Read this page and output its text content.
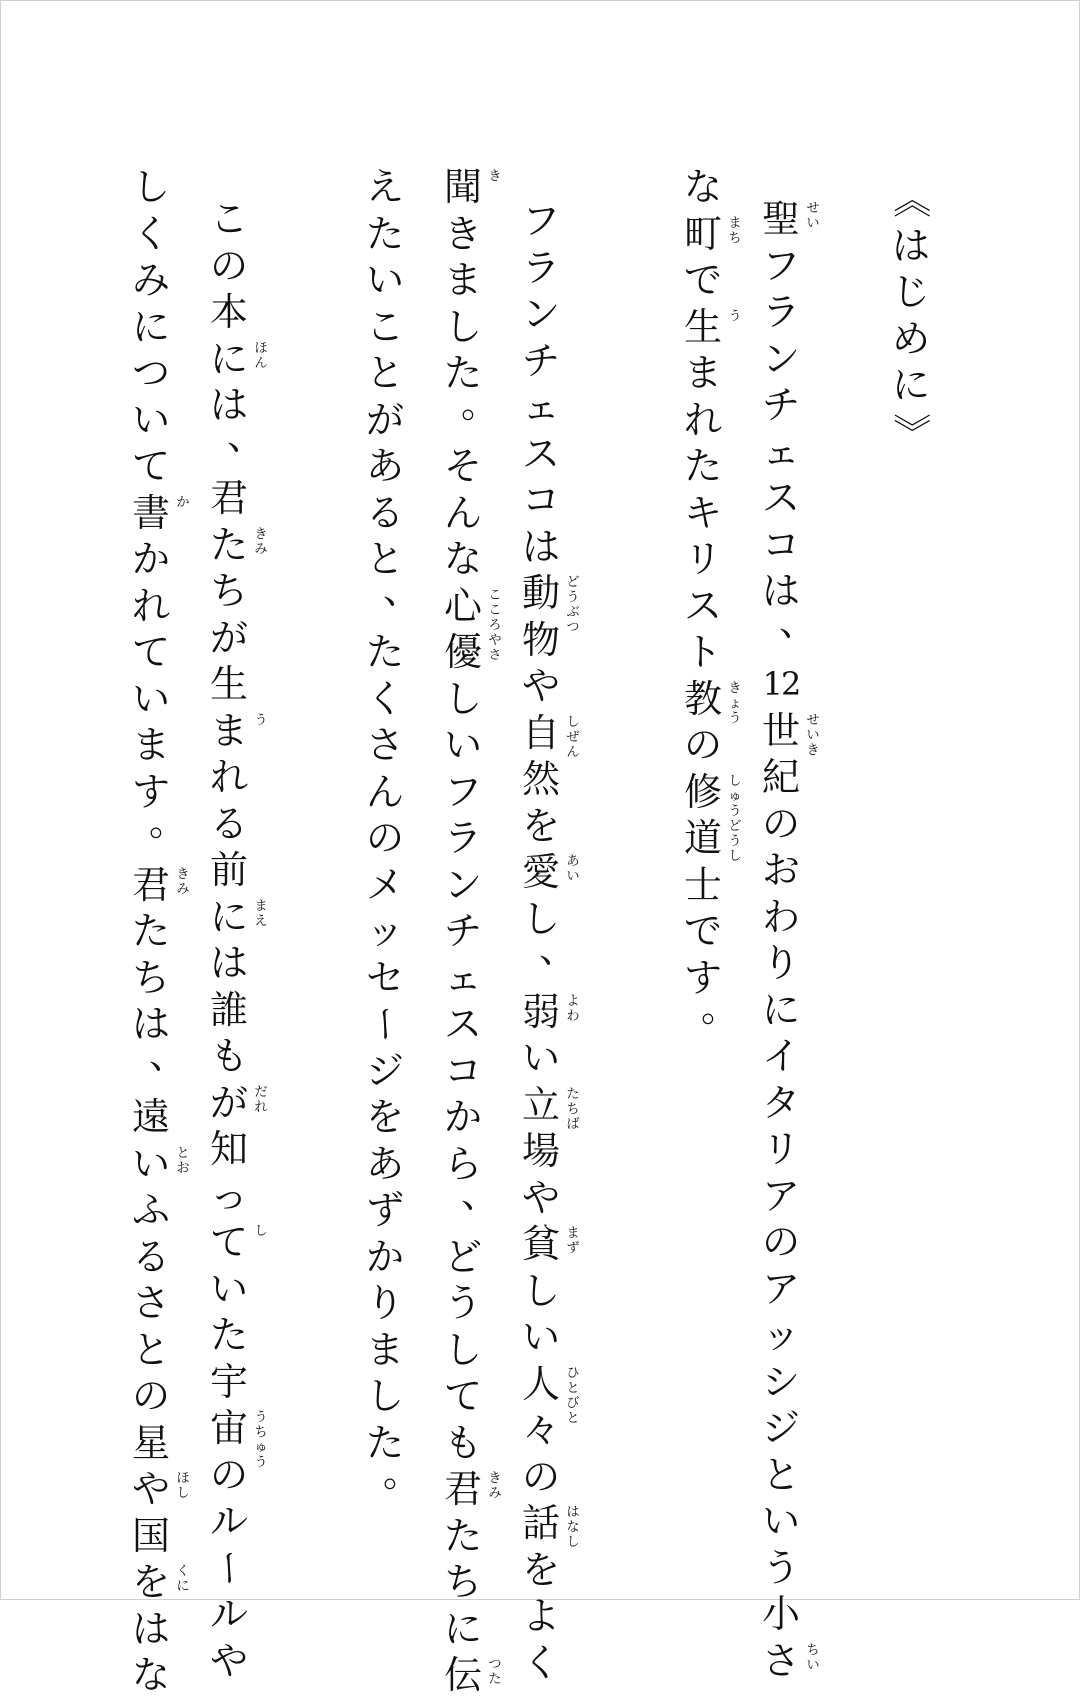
《
は
じ
め
に
》
聖
フ
ラ
ン
チ
ェ
ス
コ
は
、
12
世
紀
の
お
わ
り
に
イ
タ
リ
ア
の
ア
ッ
シ
ジ
と
い
う
小
さ
せい
せいき
ちい
な
町
で
生
ま
れ
た
キ
リ
ス
ト
教
の
修
道
士
で
す
。
まち
う
きょう
しゅうどうし
フ
ラ
ン
チ
ェ
ス
コ
は
動
物
や
自
然
を
愛
し
、
弱
い
立
場
や
貧
し
い
人
々
の
話
を
よ
く
どうぶつ
しぜん
あい
よわ
たちば
まず
ひとびと
はなし
聞
き
ま
し
た
。
そ
ん
な
心
優
し
い
フ
ラ
ン
チ
ェ
ス
コ
か
ら
、
ど
う
し
て
も
君
た
ち
に
伝
き
こころやさ
きみ
つた
え
た
い
こ
と
が
あ
る
と
、
た
く
さ
ん
の
メ
ッ
セ
ー
ジ
を
あ
ず
か
り
ま
し
た
。
こ
の
本
に
は
、
君
た
ち
が
生
ま
れ
る
前
に
は
誰
も
が
知
っ
て
い
た
宇
宙
の
ル
ー
ル
や
ほん
きみ
う
まえ
だれ
し
うちゅう
し
く
み
に
つ
い
て
書
か
れ
て
い
ま
す
。
君
た
ち
は
、
遠
い
ふ
る
さ
と
の
星
や
国
を
は
な
か
きみ
とお
ほし
くに
